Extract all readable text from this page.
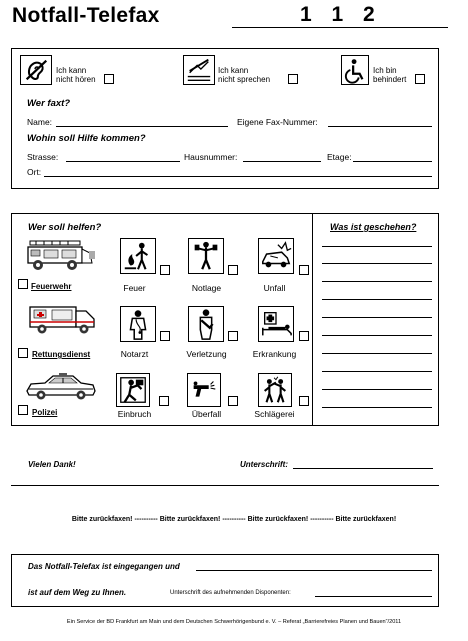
Notfall-Telefax	1 1 2
Ich kann
nicht hören
Ich kann
nicht sprechen
Ich bin
behindert
Wer faxt?
Name:	Eigene Fax-Nummer:
Wohin soll Hilfe kommen?
Strasse:	Hausnummer:	Etage:
Ort:
Wer soll helfen?	Was ist geschehen?
Feuerwehr
Rettungsdienst
Polizei
Feuer	Notlage	Unfall
Notarzt	Verletzung	Erkrankung
Einbruch	Überfall	Schlägerei
Vielen Dank!	Unterschrift:
Bitte zurückfaxen! ---------- Bitte zurückfaxen! ---------- Bitte zurückfaxen! ---------- Bitte zurückfaxen!
Das Notfall-Telefax ist eingegangen und
ist auf dem Weg zu Ihnen.	Unterschrift des aufnehmenden Disponenten:
Ein Service der BD Frankfurt am Main und dem Deutschen Schwerhörigenbund e. V. – Referat „Barrierefreies Planen und Bauen“/2011
